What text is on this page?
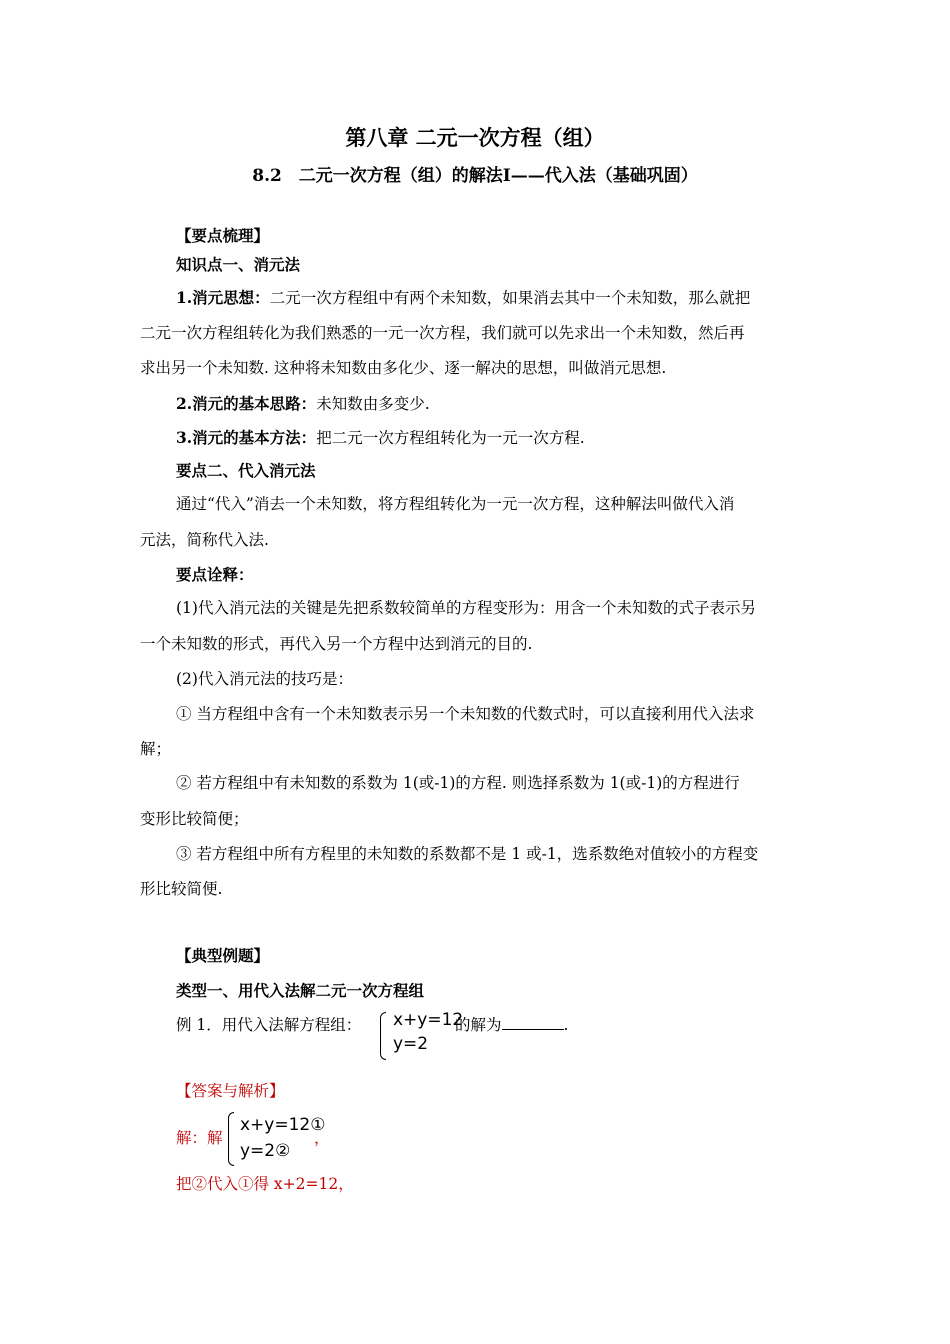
第八章 二元一次方程（组）
8.2　二元一次方程（组）的解法Ⅰ——代入法（基础巩固）
【要点梳理】
知识点一、消元法
1.消元思想：二元一次方程组中有两个未知数，如果消去其中一个未知数，那么就把
二元一次方程组转化为我们熟悉的一元一次方程，我们就可以先求出一个未知数，然后再
求出另一个未知数. 这种将未知数由多化少、逐一解决的思想，叫做消元思想.
2.消元的基本思路：未知数由多变少.
3.消元的基本方法：把二元一次方程组转化为一元一次方程.
要点二、代入消元法
通过“代入”消去一个未知数，将方程组转化为一元一次方程，这种解法叫做代入消
元法，简称代入法.
要点诠释：
(1)代入消元法的关键是先把系数较简单的方程变形为：用含一个未知数的式子表示另
一个未知数的形式，再代入另一个方程中达到消元的目的.
(2)代入消元法的技巧是：
① 当方程组中含有一个未知数表示另一个未知数的代数式时，可以直接利用代入法求
解；
② 若方程组中有未知数的系数为 1(或-1)的方程. 则选择系数为 1(或-1)的方程进行
变形比较简便；
③ 若方程组中所有方程里的未知数的系数都不是 1 或-1，选系数绝对值较小的方程变
形比较简便.
【典型例题】
类型一、用代入法解二元一次方程组
例 1．用代入法解方程组：	x+y=12
y=2
的解为	.
【答案与解析】
解：解
x+y=12①
y=2②
，
把②代入①得 x+2=12，
